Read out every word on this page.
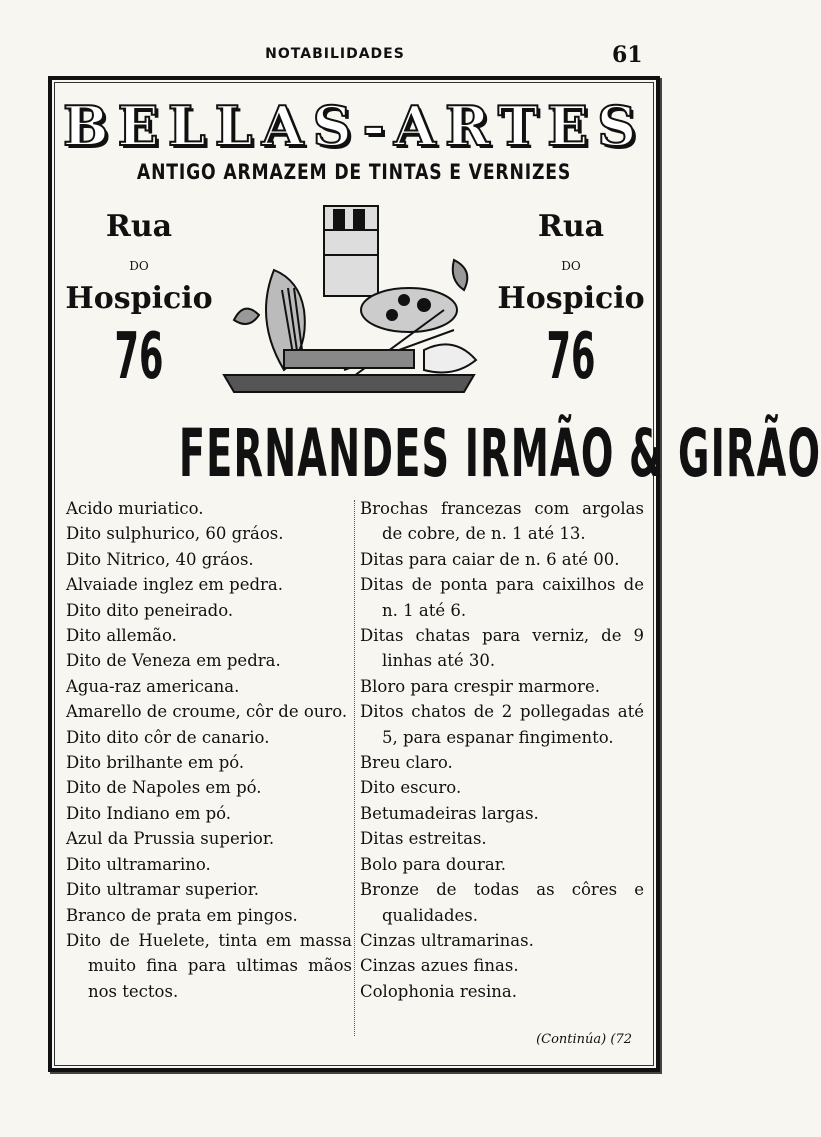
NOTABILIDADES	61
BELLAS-ARTES
ANTIGO ARMAZEM DE TINTAS E VERNIZES
Rua
DO
Hospicio
76
Rua
DO
Hospicio
76
FERNANDES IRMÃO & GIRÃO
Acido muriatico.
Dito sulphurico, 60 gráos.
Dito Nitrico, 40 gráos.
Alvaiade inglez em pedra.
Dito dito peneirado.
Dito allemão.
Dito de Veneza em pedra.
Agua-raz americana.
Amarello de croume, côr de ouro.
Dito dito côr de canario.
Dito brilhante em pó.
Dito de Napoles em pó.
Dito Indiano em pó.
Azul da Prussia superior.
Dito ultramarino.
Dito ultramar superior.
Branco de prata em pingos.
Dito de Huelete, tinta em massa muito fina para ultimas mãos nos tectos.
Brochas francezas com argolas de cobre, de n. 1 até 13.
Ditas para caiar de n. 6 até 00.
Ditas de ponta para caixilhos de n. 1 até 6.
Ditas chatas para verniz, de 9 linhas até 30.
Bloro para crespir marmore.
Ditos chatos de 2 pollegadas até 5, para espanar fingimento.
Breu claro.
Dito escuro.
Betumadeiras largas.
Ditas estreitas.
Bolo para dourar.
Bronze de todas as côres e qualidades.
Cinzas ultramarinas.
Cinzas azues finas.
Colophonia resina.
(Continúa) (72
